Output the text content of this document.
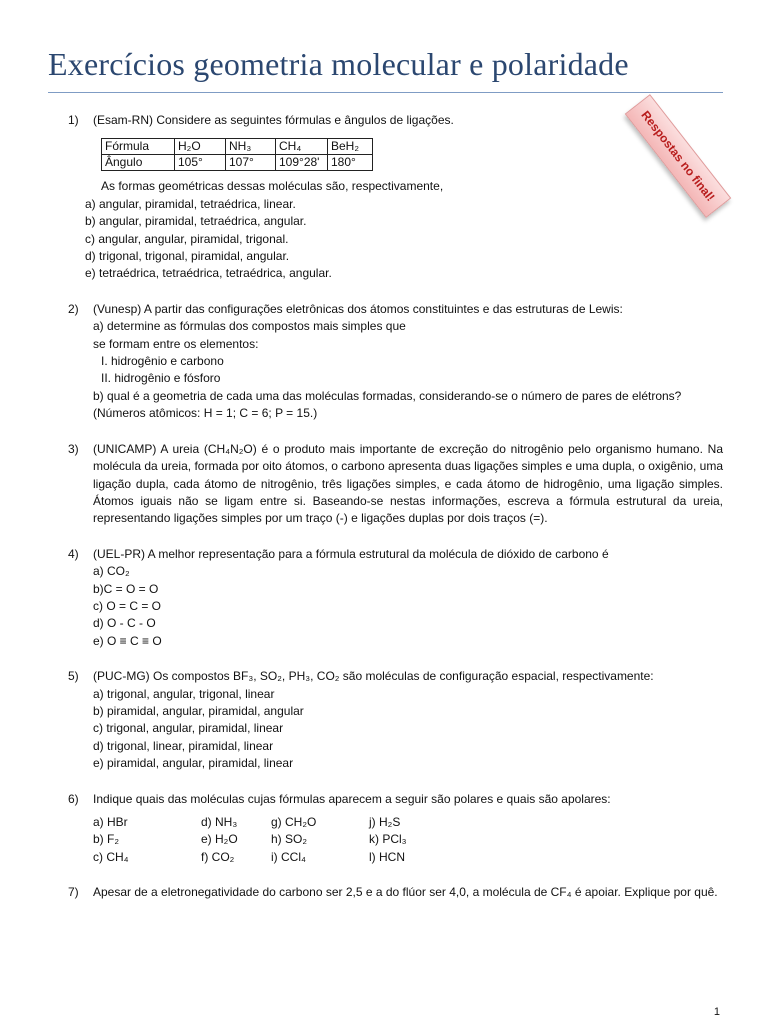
Exercícios geometria molecular e polaridade
Respostas no final!
1) (Esam-RN) Considere as seguintes fórmulas e ângulos de ligações.
Fórmula	H₂O	NH₃	CH₄	BeH₂
Ângulo	105°	107°	109°28'	180°
As formas geométricas dessas moléculas são, respectivamente,
a) angular, piramidal, tetraédrica, linear.
b) angular, piramidal, tetraédrica, angular.
c) angular, angular, piramidal, trigonal.
d) trigonal, trigonal, piramidal, angular.
e) tetraédrica, tetraédrica, tetraédrica, angular.
2) (Vunesp) A partir das configurações eletrônicas dos átomos constituintes e das estruturas de Lewis:
a) determine as fórmulas dos compostos mais simples que
se formam entre os elementos:
I. hidrogênio e carbono
II. hidrogênio e fósforo
b) qual é a geometria de cada uma das moléculas formadas, considerando-se o número de pares de elétrons?
(Números atômicos: H = 1; C = 6; P = 15.)
3) (UNICAMP) A ureia (CH₄N₂O) é o produto mais importante de excreção do nitrogênio pelo organismo humano. Na molécula da ureia, formada por oito átomos, o carbono apresenta duas ligações simples e uma dupla, o oxigênio, uma ligação dupla, cada átomo de nitrogênio, três ligações simples, e cada átomo de hidrogênio, uma ligação simples. Átomos iguais não se ligam entre si. Baseando-se nestas informações, escreva a fórmula estrutural da ureia, representando ligações simples por um traço (-) e ligações duplas por dois traços (=).
4) (UEL-PR) A melhor representação para a fórmula estrutural da molécula de dióxido de carbono é
a) CO₂
b)C = O = O
c) O = C = O
d) O - C - O
e) O ≡ C ≡ O
5) (PUC-MG) Os compostos BF₃, SO₂, PH₃, CO₂ são moléculas de configuração espacial, respectivamente:
a) trigonal, angular, trigonal, linear
b) piramidal, angular, piramidal, angular
c) trigonal, angular, piramidal, linear
d) trigonal, linear, piramidal, linear
e) piramidal, angular, piramidal, linear
6) Indique quais das moléculas cujas fórmulas aparecem a seguir são polares e quais são apolares:
a) HBr	d) NH₃	g) CH₂O	j) H₂S
b) F₂	e) H₂O	h) SO₂	k) PCl₃
c) CH₄	f) CO₂	i) CCl₄	l) HCN
7) Apesar de a eletronegatividade do carbono ser 2,5 e a do flúor ser 4,0, a molécula de CF₄ é apoiar. Explique por quê.
1
